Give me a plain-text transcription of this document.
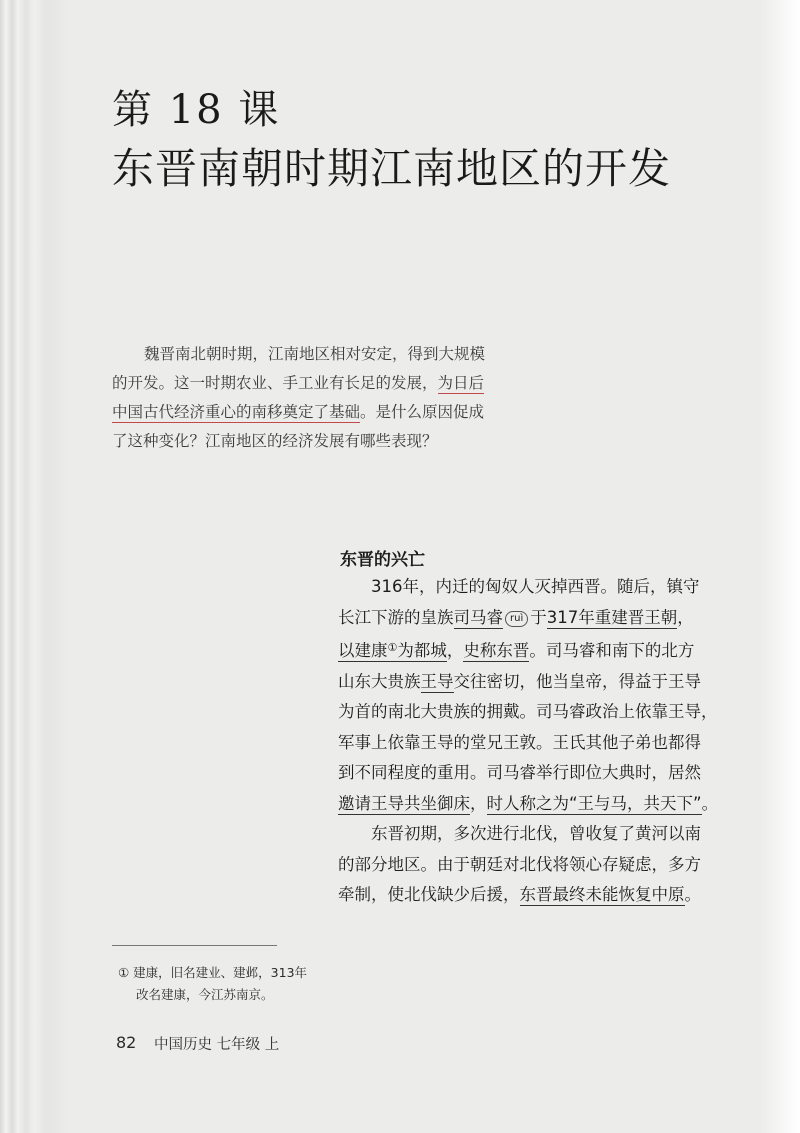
第 18 课
东晋南朝时期江南地区的开发
魏晋南北朝时期，江南地区相对安定，得到大规模
的开发。这一时期农业、手工业有长足的发展，为日后
中国古代经济重心的南移奠定了基础。是什么原因促成
了这种变化？江南地区的经济发展有哪些表现？
东晋的兴亡
316年，内迁的匈奴人灭掉西晋。随后，镇守
长江下游的皇族司马睿 ruì 于317年重建晋王朝，
以建康①为都城，史称东晋。司马睿和南下的北方
山东大贵族王导交往密切，他当皇帝，得益于王导
为首的南北大贵族的拥戴。司马睿政治上依靠王导，
军事上依靠王导的堂兄王敦。王氏其他子弟也都得
到不同程度的重用。司马睿举行即位大典时，居然
邀请王导共坐御床，时人称之为“王与马，共天下”。
东晋初期，多次进行北伐，曾收复了黄河以南
的部分地区。由于朝廷对北伐将领心存疑虑，多方
牵制，使北伐缺少后援，东晋最终未能恢复中原。
① 建康，旧名建业、建邺，313年
改名建康，今江苏南京。
82 中国历史 七年级 上
